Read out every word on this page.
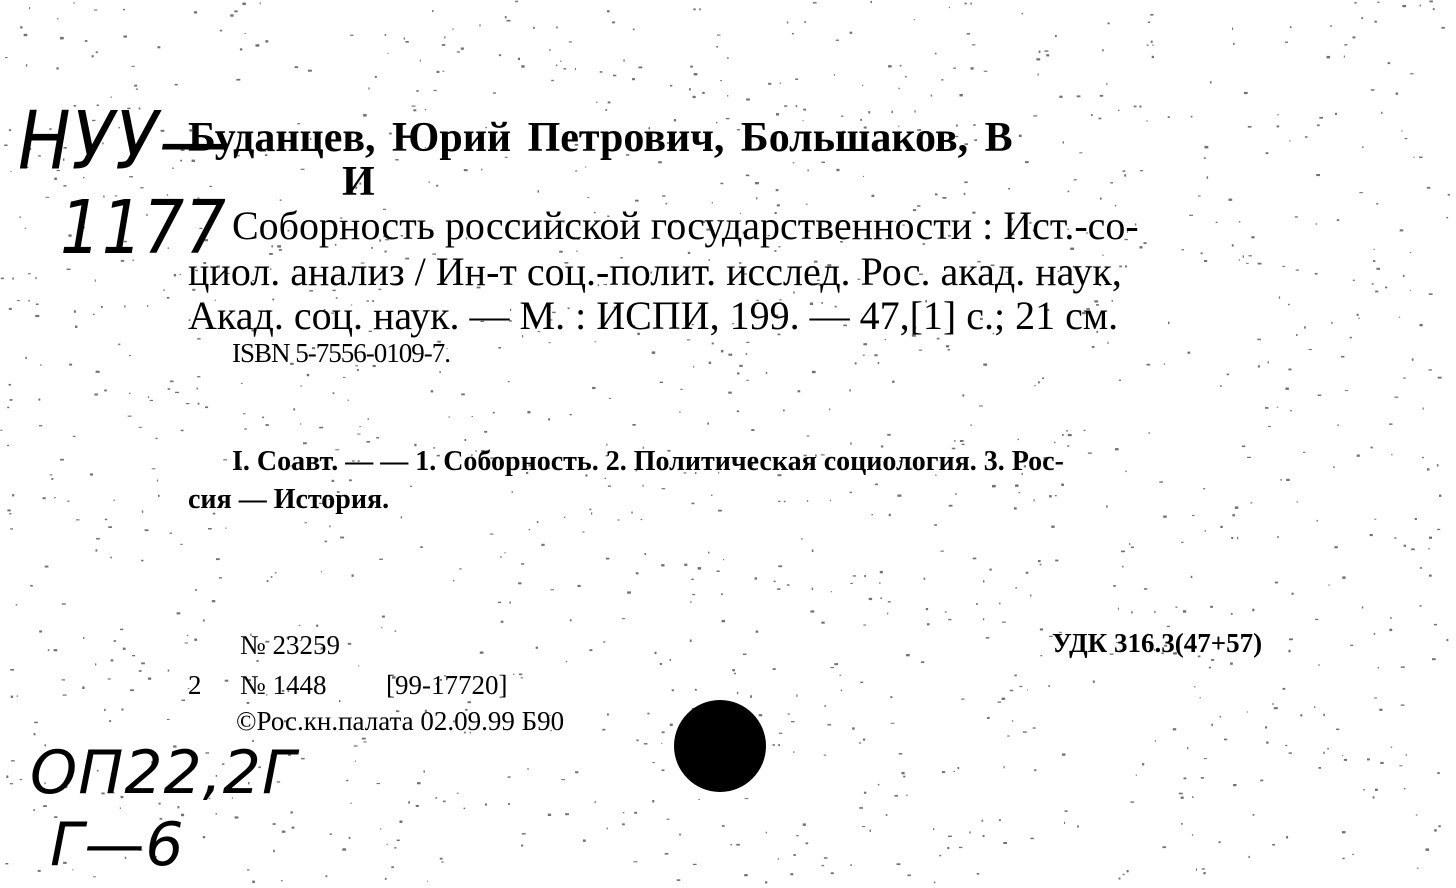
НУУ—
1177
Буданцев, Юрий Петрович, Большаков, В
И
Соборность российской государственности : Ист.-со-
циол. анализ / Ин-т соц.-полит. исслед. Рос. акад. наук,
Акад. соц. наук. — М. : ИСПИ, 199. — 47,[1] с.; 21 см.
ISBN 5-7556-0109-7.
I. Соавт. — — 1. Соборность. 2. Политическая социология. 3. Рос-
сия — История.
№ 23259	УДК 316.3(47+57)
2 № 1448 [99-17720]
©Рос.кн.палата 02.09.99 Б90
ОП22,2Г
Г—6
